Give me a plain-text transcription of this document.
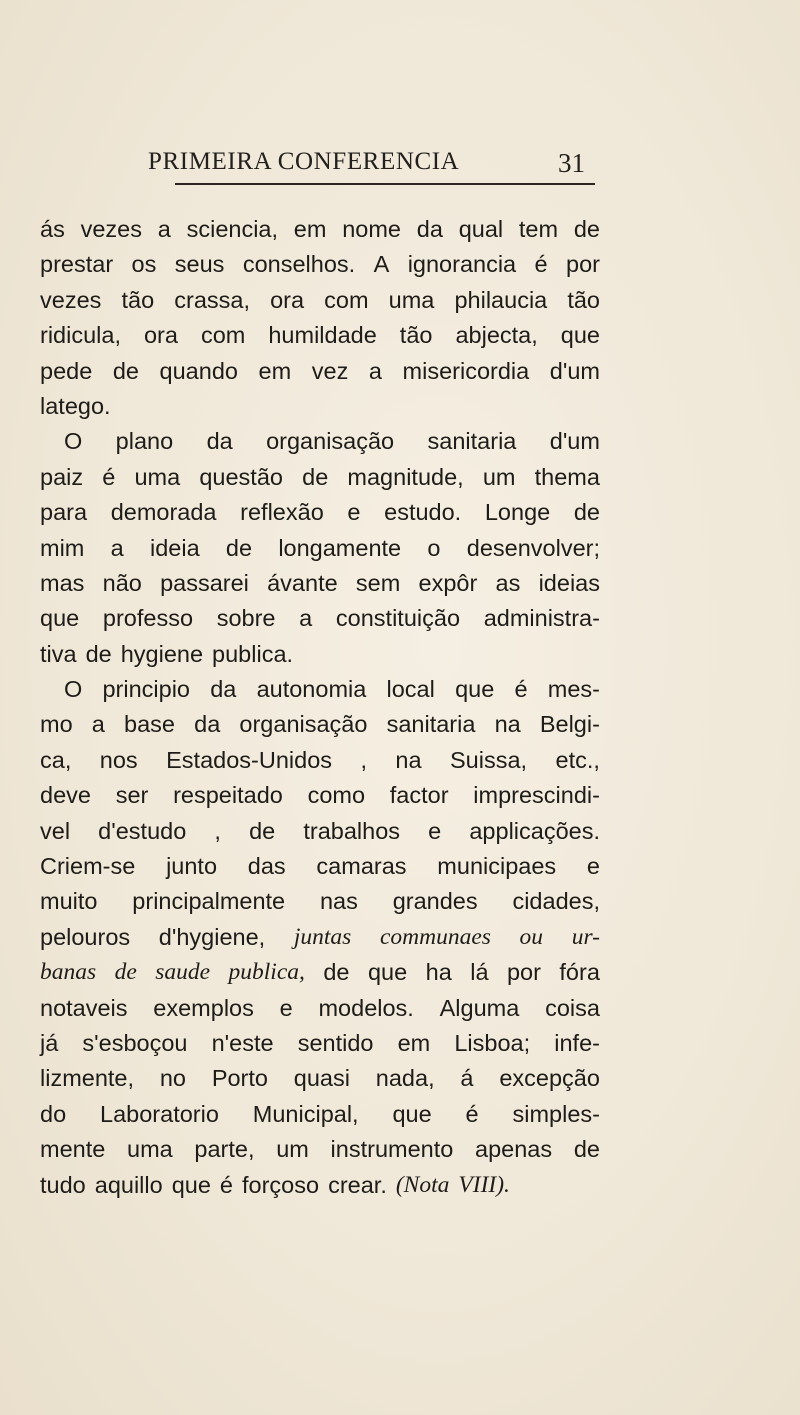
PRIMEIRA CONFERENCIA	31
ás vezes a sciencia, em nome da qual tem de
prestar os seus conselhos. A ignorancia é por
vezes tão crassa, ora com uma philaucia tão
ridicula, ora com humildade tão abjecta, que
pede de quando em vez a misericordia d'um
latego.
O plano da organisação sanitaria d'um
paiz é uma questão de magnitude, um thema
para demorada reflexão e estudo. Longe de
mim a ideia de longamente o desenvolver;
mas não passarei ávante sem expôr as ideias
que professo sobre a constituição administra-
tiva de hygiene publica.
O principio da autonomia local que é mes-
mo a base da organisação sanitaria na Belgi-
ca, nos Estados-Unidos , na Suissa, etc.,
deve ser respeitado como factor imprescindi-
vel d'estudo , de trabalhos e applicações.
Criem-se junto das camaras municipaes e
muito principalmente nas grandes cidades,
pelouros d'hygiene, juntas communaes ou ur-
banas de saude publica, de que ha lá por fóra
notaveis exemplos e modelos. Alguma coisa
já s'esboçou n'este sentido em Lisboa; infe-
lizmente, no Porto quasi nada, á excepção
do Laboratorio Municipal, que é simples-
mente uma parte, um instrumento apenas de
tudo aquillo que é forçoso crear. (Nota VIII).
